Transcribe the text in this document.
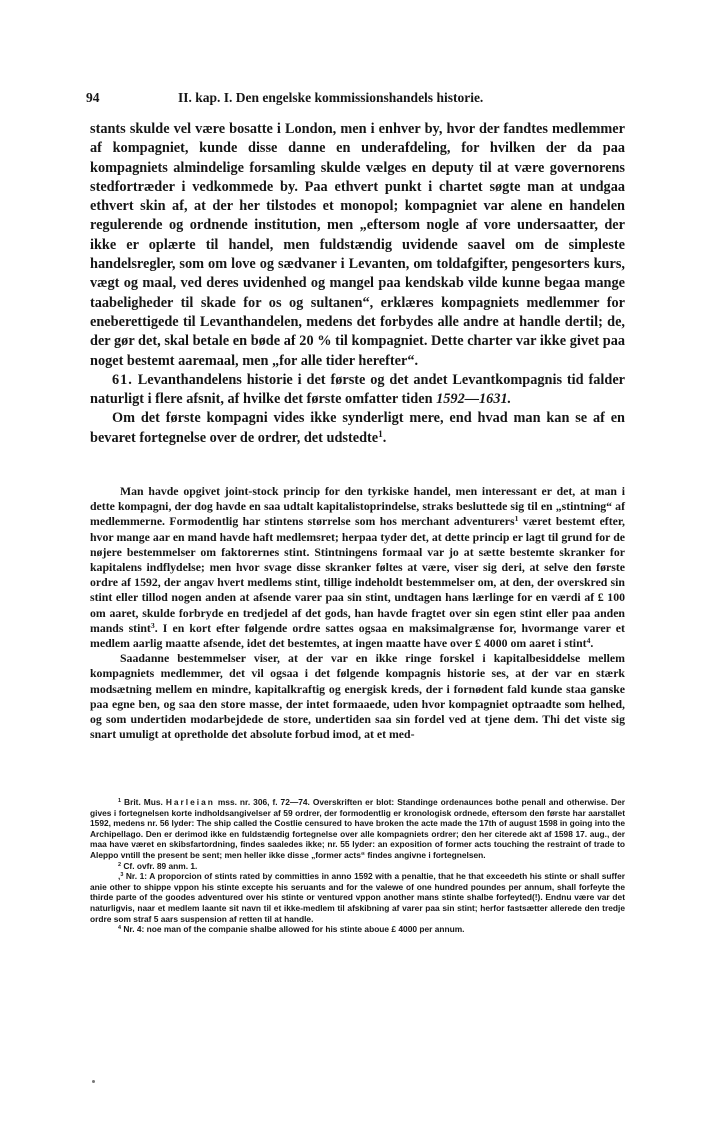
94	II. kap. I. Den engelske kommissionshandels historie.

stants skulde vel være bosatte i London, men i enhver by, hvor der fandtes medlemmer af kompagniet, kunde disse danne en underafdeling, for hvilken der da paa kompagniets almindelige forsamling skulde vælges en deputy til at være governorens stedfortræder i vedkommede by. Paa ethvert punkt i chartet søgte man at undgaa ethvert skin af, at der her tilstodes et monopol; kompagniet var alene en handelen regulerende og ordnende institution, men „eftersom nogle af vore undersaatter, der ikke er oplærte til handel, men fuldstændig uvidende saavel om de simpleste handelsregler, som om love og sædvaner i Levanten, om toldafgifter, pengesorters kurs, vægt og maal, ved deres uvidenhed og mangel paa kendskab vilde kunne begaa mange taabeligheder til skade for os og sultanen“, erklæres kompagniets medlemmer for eneberettigede til Levanthandelen, medens det forbydes alle andre at handle dertil; de, der gør det, skal betale en bøde af 20 % til kompagniet. Dette charter var ikke givet paa noget bestemt aaremaal, men „for alle tider herefter“.

61. Levanthandelens historie i det første og det andet Levantkompagnis tid falder naturligt i flere afsnit, af hvilke det første omfatter tiden 1592—1631.

Om det første kompagni vides ikke synderligt mere, end hvad man kan se af en bevaret fortegnelse over de ordrer, det udstedte$^1$.

Man havde opgivet joint-stock princip for den tyrkiske handel, men interessant er det, at man i dette kompagni, der dog havde en saa udtalt kapitalistoprindelse, straks besluttede sig til en „stintning“ af medlemmerne. Formodentlig har stintens størrelse som hos merchant adventurers$^1$ været bestemt efter, hvor mange aar en mand havde haft medlemsret; herpaa tyder det, at dette princip er lagt til grund for de nøjere bestemmelser om faktorernes stint. Stintningens formaal var jo at sætte bestemte skranker for kapitalens indflydelse; men hvor svage disse skranker føltes at være, viser sig deri, at selve den første ordre af 1592, der angav hvert medlems stint, tillige indeholdt bestemmelser om, at den, der overskred sin stint eller tillod nogen anden at afsende varer paa sin stint, undtagen hans lærlinge for en værdi af £ 100 om aaret, skulde forbryde en tredjedel af det gods, han havde fragtet over sin egen stint eller paa anden mands stint$^3$. I en kort efter følgende ordre sattes ogsaa en maksimalgrænse for, hvormange varer et medlem aarlig maatte afsende, idet det bestemtes, at ingen maatte have over £ 4000 om aaret i stint$^4$.

Saadanne bestemmelser viser, at der var en ikke ringe forskel i kapitalbesiddelse mellem kompagniets medlemmer, det vil ogsaa i det følgende kompagnis historie ses, at der var en stærk modsætning mellem en mindre, kapitalkraftig og energisk kreds, der i fornødent fald kunde staa ganske paa egne ben, og saa den store masse, der intet formaaede, uden hvor kompagniet optraadte som helhed, og som undertiden modarbejdede de store, undertiden saa sin fordel ved at tjene dem. Thi det viste sig snart umuligt at opretholde det absolute forbud imod, at et med-

$^1$ Brit. Mus. Harleian mss. nr. 306, f. 72—74. Overskriften er blot: Standinge ordenaunces bothe penall and otherwise. Der gives i fortegnelsen korte indholdsangivelser af 59 ordrer, der formodentlig er kronologisk ordnede, eftersom den første har aarstallet 1592, medens nr. 56 lyder: The ship called the Costlie censured to have broken the acte made the 17th of august 1598 in going into the Archipellago. Den er derimod ikke en fuldstændig fortegnelse over alle kompagniets ordrer; den her citerede akt af 1598 17. aug., der maa have været en skibsfartordning, findes saaledes ikke; nr. 55 lyder: an exposition of former acts touching the restraint of trade to Aleppo vntill the present be sent; men heller ikke disse „former acts“ findes angivne i fortegnelsen.

$^2$ Cf. ovfr. 89 anm. 1.

,$^3$ Nr. 1: A proporcion of stints rated by committies in anno 1592 with a penaltie, that he that exceedeth his stinte or shall suffer anie other to shippe vppon his stinte excepte his seruants and for the valewe of one hundred poundes per annum, shall forfeyte the thirde parte of the goodes adventured over his stinte or ventured vppon another mans stinte shalbe forfeyted(!). Endnu være var det naturligvis, naar et medlem laante sit navn til et ikke-medlem til afskibning af varer paa sin stint; herfor fastsætter allerede den tredje ordre som straf 5 aars suspension af retten til at handle.

$^4$ Nr. 4: noe man of the companie shalbe allowed for his stinte aboue £ 4000 per annum.
